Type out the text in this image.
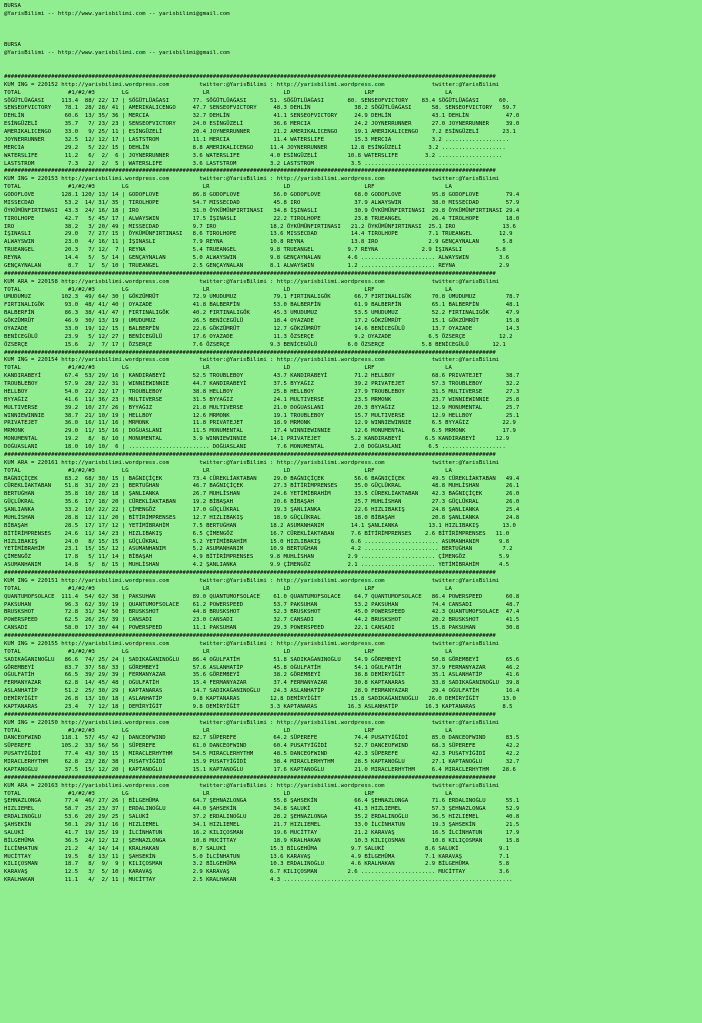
BURSA
@YarisBilimi -- http://www.yarisbilimi.com -- yarisbilimi@gmail.com

BURSA
@YarisBilimi -- http://www.yarisbilimi.com -- yarisbilimi@gmail.com

##################################################################################################################################################
KUM ING = 220152 http://yarisbilimi.wordpress.com         twitter:@YarisBilimi : http://yarisbilimi.wordpress.com              twitter:@YarisBilimi
TOTAL              #1/#2/#3        LG                      LR                      LD                      LRF                     LA
SÖĞÜTLÜAĞASI     113.4  88/ 22/ 17 | SÖĞÜTLÜAĞASI       77. SÖĞÜTLÜAĞASI       51. SÖĞÜTLÜAĞASI       80. SENSEOFVICTORY    83.4 SÖĞÜTLÜAĞASI      60.
SENSEOFVICTORY    78.1  28/ 28/ 41 | AMERIKALICENGO     47.7 SENSEOFVICTORY     48.3 DEHLİN             38.2 SÖĞÜTLÜAĞASI      58. SENSEOFVICTORY   59.7
DEHLİN            60.6  13/ 35/ 36 | MERCIA             32.7 DEHLİN             41.1 SENSEOFVICTORY     24.9 DEHLİN            43.1 DEHLİN           47.0
ESİNGÜZELİ        35.7   7/ 23/ 23 | SENSEOFVICTORY     24.0 ESİNGÜZELİ         36.6 MERCIA             24.2 JOYNERRUNNER      27.0 JOYNERRUNNER     39.0
AMERIKALICENGO    33.0   9/ 25/ 11 | ESİNGÜZELİ         20.4 JOYNERRUNNER       21.2 AMERIKALICENGO     19.1 AMERIKALICENGO    7.2 ESİNGÜZELİ       23.1
JOYNERRUNNER      32.5  12/ 12/ 17 | LASTSTROM          11.1 MERCIA             11.4 WATERSLIFE         15.3 MERCIA            3.2 ...................
MERCIA            29.2   5/ 22/ 15 | DEHLİN             8.8 AMERIKALICENGO     11.4 JOYNERRUNNER       12.8 ESİNGÜZELİ        3.2 ...................
WATERSLIFE        11.2   6/  2/  6 | JOYNERRUNNER       3.6 WATERSLIFE         4.0 ESİNGÜZELİ         10.8 WATERSLIFE        3.2 ...................
LASTSTROM          7.3   2/  2/  5 | WATERSLIFE         3.6 LASTSTROM          3.2 LASTSTROM           3.5 ...................................
##################################################################################################################################################
KUM ING = 220153 http://yarisbilimi.wordpress.com         twitter:@YarisBilimi : http://yarisbilimi.wordpress.com              twitter:@YarisBilimi
TOTAL              #1/#2/#3        LG                      LR                      LD                      LRF                     LA
GODOFLOVE        128.1 120/ 13/ 14 | GODOFLOVE          86.8 GODOFLOVE          56.0 GODOFLOVE          68.0 GODOFLOVE         95.8 GODOFLOVE        79.4
MISSECDAD         53.2  14/ 31/ 35 | TIROLHOPE          54.7 MISSECDAD          45.8 IRO                37.9 ALWAYSWIN         38.0 MISSECDAD        57.9
ÖYKÜMÜNFIRTINASI  43.3  24/ 16/ 18 | IRO                31.0 ÖYKÜMÜNFIRTINASI   34.8 İŞINASLI           30.9 ÖYKÜMÜNFIRTINASI  29.8 ÖYKÜMÜNFIRTINASI 29.4
TIROLHOPE         42.7   5/ 45/ 17 | ALWAYSWIN          17.5 İŞINASLI           22.2 TIROLHOPE          23.8 TRUEANGEL         26.4 TIROLHOPE        18.0
IRO               38.2   3/ 20/ 49 | MISSECDAD          9.7 IRO                18.2 ÖYKÜMÜNFIRTINASI   21.2 ÖYKÜMÜNFIRTINASI  25.1 IRO              13.6
İŞINASLI          29.0   7/ 27/ 15 | ÖYKÜMÜNFIRTINASI   8.6 TIROLHOPE          13.6 MISSECDAD          14.4 TIROLHOPE         7.1 TRUEANGEL        12.9
ALWAYSWIN         23.0   4/ 16/ 11 | İŞINASLI           7.9 REYNA              10.8 REYNA              13.8 IRO               2.9 GENÇAYNALAN       5.8
TRUEANGEL         20.3   7/ 12/  7 | REYNA              5.4 TRUEANGEL          9.8 TRUEANGEL          9.7 REYNA             2.9 İŞINASLI          5.8
REYNA             14.4   5/  5/ 14 | GENÇAYNALAN        5.0 ALWAYSWIN          9.8 GENÇAYNALAN        4.6 ...................... ALWAYSWIN         3.6
GENÇAYNALAN        8.7   1/  5/ 10 | TRUEANGEL          2.5 GENÇAYNALAN        8.1 ALWAYSWIN          1.2 ...................... REYNA             2.9
##################################################################################################################################################
KUM ARA = 220158 http://yarisbilimi.wordpress.com         twitter:@YarisBilimi : http://yarisbilimi.wordpress.com              twitter:@YarisBilimi
TOTAL              #1/#2/#3        LG                      LR                      LD                      LRF                     LA
UMUDUMUZ         102.3  49/ 64/ 30 | GÖKZÜMRÜT          72.9 UMUDUMUZ           79.1 FIRTINALIGÖK       66.7 FIRTINALIGÖK      70.8 UMUDUMUZ         78.7
FIRTINALIGÖK      93.0  48/ 41/ 40 | OYAZADE            41.8 BALBERFİN          53.0 BALBERFİN          61.9 BALBERFİN         65.1 BALBERFİN        48.1
BALBERFİN         86.3  38/ 41/ 47 | FIRTINALIGÖK       40.2 FIRTINALIGÖK       45.3 UMUDUMUZ           53.5 UMUDUMUZ          52.2 FIRTINALIGÖK     47.9
GÖKZÜMRÜT         46.9  30/ 13/ 19 | UMUDUMUZ           26.5 BENİCEGÜLÜ         18.4 OYAZADE            17.2 GÖKZÜMRÜT         15.1 GÖKZÜMRÜT        15.8
OYAZADE           33.0  19/ 12/ 15 | BALBERFİN          22.6 GÖKZÜMRÜT          12.7 GÖKZÜMRÜT          14.6 BENİCEGÜLÜ        13.7 OYAZADE          14.3
BENİCEGÜLÜ        23.9   5/ 12/ 27 | BENİCEGÜLÜ         17.6 OYAZADE            11.3 ÖZSERÇE            9.2 OYAZADE           6.5 ÖZSERÇE          12.2
ÖZSERÇE           15.6   2/  7/ 17 | ÖZSERÇE            7.6 ÖZSERÇE            9.3 BENİCEGÜLÜ         6.0 ÖZSERÇE           5.8 BENİCEGÜLÜ       12.1
##################################################################################################################################################
KUM ING = 220154 http://yarisbilimi.wordpress.com         twitter:@YarisBilimi : http://yarisbilimi.wordpress.com              twitter:@YarisBilimi
TOTAL              #1/#2/#3        LG                      LR                      LD                      LRF                     LA
KANDIRABEYİ       67.4  53/ 29/ 16 | KANDIRABEYİ        52.5 TROUBLEBOY         43.7 KANDIRABEYİ        71.2 HELLBOY           68.6 PRIVATEJET       38.7
TROUBLEBOY        57.9  28/ 22/ 31 | WINNIEWINNIE       44.7 KANDIRABEYİ        37.5 BYYAĞIZ            39.2 PRIVATEJET        57.3 TROUBLEBOY       32.2
HELLBOY           54.0  22/ 22/ 17 | TROUBLEBOY         38.8 HELLBOY            25.8 HELLBOY            27.9 TROUBLEBOY        31.5 MULTIVERSE       27.3
BYYAĞIZ           41.6  11/ 36/ 23 | MULTIVERSE         31.5 BYYAĞIZ            24.1 MULTIVERSE         23.5 MRMONK            23.7 WINNIEWINNIE     25.8
MULTIVERSE        39.2  10/ 27/ 26 | BYYAĞIZ            21.8 MULTIVERSE         21.0 DOĞUASLANI         20.3 BYYAĞIZ           12.9 MONUMENTAL       25.7
WINNIEWINNIE      38.7  21/ 10/ 19 | HELLBOY            12.6 MRMONK             19.1 TROUBLEBOY         15.7 MULTIVERSE        12.9 HELLBOY          25.1
PRIVATEJET        36.0  16/ 11/ 16 | MRMONK             11.8 PRIVATEJET         18.9 MRMONK             12.9 WINNIEWINNIE      6.5 BYYAĞIZ          22.9
MRMONK            29.0  11/ 15/ 16 | DOĞUASLANI         11.5 MONUMENTAL         17.4 WINNIEWINNIE       12.6 MONUMENTAL        6.5 MRMONK           17.9
MONUMENTAL        19.2   8/  8/ 10 | MONUMENTAL         3.9 WINNIEWINNIE       14.1 PRIVATEJET         5.2 KANDIRABEYİ       6.5 KANDIRABEYİ      12.9
DOĞUASLANI        18.0  10/ 10/  6 | ........................ DOĞUASLANI         7.6 MONUMENTAL         2.0 DOĞUASLANI        6.5 ...................
##################################################################################################################################################
KUM ARA = 220161 http://yarisbilimi.wordpress.com         twitter:@YarisBilimi : http://yarisbilimi.wordpress.com              twitter:@YarisBilimi
TOTAL              #1/#2/#3        LG                      LR                      LD                      LRF                     LA
BAĞNIÇİÇEK        83.2  68/ 30/ 15 | BAĞNIÇİÇEK         73.4 CÜREKLİAKTABAN     29.0 BAĞNIÇİÇEK         56.6 BAĞNIÇİÇEK        49.5 CÜREKLİAKTABAN   49.4
CÜREKLİAKTABAN    51.8  31/ 20/ 23 | BERTUĞHAN          46.7 BAĞNIÇİÇEK         27.3 BİTİRİMPRENSES     35.0 GÜÇLÜKRAL         48.8 MUHLİSHAN        26.1
BERTUĞHAN         35.8  10/ 28/ 18 | ŞANLIANKA          26.7 MUHLİSHAN          24.6 YETİMİBRAHİM       33.5 CÜREKLİAKTABAN    42.3 BAĞNIÇİÇEK       26.0
GÜÇLÜKRAL         35.6  17/ 18/ 20 | CÜREKLİAKTABAN     19.2 BİBAŞAH            20.6 BİBAŞAH            25.7 MUHLİSHAN         27.3 GÜÇLÜKRAL        26.0
ŞANLIANKA         33.2  10/ 22/ 22 | ÇİMENGÖZ           17.0 GÜÇLÜKRAL          19.3 ŞANLIANKA          22.6 HIZLIBAKIŞ        24.8 ŞANLIANKA        25.4
MUHLİSHAN         28.8  12/ 11/ 20 | BİTİRİMPRENSES     12.7 HIZLIBAKIŞ         18.9 GÜÇLÜKRAL          18.0 BİBAŞAH           20.8 ŞANLIANKA        24.8
BİBAŞAH           28.5  17/ 17/ 12 | YETİMİBRAHİM       7.5 BERTUĞHAN          18.2 ASUMANHANIM        14.1 ŞANLIANKA         13.1 HIZLIBAKIŞ       13.0
BİTİRİMPRENSES    24.6  11/ 14/ 23 | HIZLIBAKIŞ         6.5 ÇİMENGÖZ           16.7 CÜREKLİAKTABAN     7.6 BİTİRİMPRENSES    2.6 BİTİRİMPRENSES   11.0
HIZLIBAKIŞ        24.0   8/ 15/ 15 | GÜÇLÜKRAL          5.2 YETİMİBRAHİM       15.0 HIZLIBAKIŞ         6.6 ...................... ASUMANHANIM      9.8
YETİMİBRAHİM      23.1  15/ 15/ 12 | ASUMANHANIM        5.2 ASUMANHANIM        10.9 BERTUĞHAN          4.2 ...................... BERTUĞHAN         7.2
ÇİMENGÖZ          17.8   5/ 11/ 14 | BİBAŞAH            4.9 BİTİRİMPRENSES     9.8 MUHLİSHAN          2.9 ...................... ÇİMENGÖZ          5.9
ASUMANHANIM       14.8   5/  8/ 15 | MUHLİSHAN          4.2 ŞANLIANKA          9.9 ÇİMENGÖZ           2.1 ...................... YETİMİBRAHİM      4.5
##################################################################################################################################################
KUM ING = 220151 http://yarisbilimi.wordpress.com         twitter:@YarisBilimi : http://yarisbilimi.wordpress.com              twitter:@YarisBilimi
TOTAL              #1/#2/#3        LG                      LR                      LD                      LRF                     LA
QUANTUMOFSOLACE  111.4  54/ 62/ 38 | PAKSUHAN           89.0 QUANTUMOFSOLACE    61.0 QUANTUMOFSOLACE    64.7 QUANTUMOFSOLACE   86.4 POWERSPEED       60.8
PAKSUHAN          96.3  62/ 39/ 19 | QUANTUMOFSOLACE    61.2 POWERSPEED         53.7 PAKSUHAN           53.2 PAKSUHAN          74.4 CANSADI          48.7
BRUSKSHOT         72.8  31/ 34/ 50 | BRUSKSHOT          44.8 BRUSKSHOT          52.3 BRUSKSHOT          45.0 POWERSPEED        42.3 QUANTUMOFSOLACE  47.4
POWERSPEED        62.5  26/ 25/ 39 | CANSADI            23.0 CANSADI            32.7 CANSADI            44.2 BRUSKSHOT         20.2 BRUSKSHOT        41.5
CANSADI           58.0  17/ 30/ 44 | POWERSPEED         11.1 PAKSUHAN           29.3 POWERSPEED         22.1 CANSADI           15.8 PAKSUHAN         30.8
##################################################################################################################################################
KUM ING = 220155 http://yarisbilimi.wordpress.com         twitter:@YarisBilimi : http://yarisbilimi.wordpress.com              twitter:@YarisBilimi
TOTAL              #1/#2/#3        LG                      LR                      LD                      LRF                     LA
SADIKAĞANINOĞLU   86.6  74/ 25/ 24 | SADIKAĞANINOĞLU    86.4 OĞULFATİH          51.8 SADIKAĞANINOĞLU    54.9 GÖREMBEYİ         50.8 GÖREMBEYİ        65.6
GÖREMBEYİ         83.7  37/ 58/ 33 | GÖREMBEYİ          57.6 ASLANHATİP         45.8 OĞULFATİH          54.1 OĞULFATİH         37.9 FERMANYAZAR      46.2
OĞULFATİH         66.5  39/ 29/ 39 | FERMANYAZAR        35.6 GÖREMBEYİ          38.2 GÖREMBEYİ          38.8 DEMİRYİĞİT        35.1 ASLANHATİP       41.6
FERMANYAZAR       62.8  14/ 45/ 48 | OĞULFATİH          15.4 FERMANYAZAR        37.4 FERMANYAZAR        30.8 KAPTANARAS        33.8 SADIKAĞANINOĞLU  39.8
ASLANHATİP        51.2  25/ 30/ 29 | KAPTANARAS         14.7 SADIKAĞANINOĞLU    24.3 ASLANHATİP         28.9 FERMANYAZAR       29.4 OĞULFATİH        16.4
DEMİRYİĞİT        26.8  13/ 10/ 18 | ASLANHATİP         9.8 KAPTANARAS         12.8 DEMİRYİĞİT         15.8 SADIKAĞANINOĞLU   26.0 DEMİRYİĞİT       13.0
KAPTANARAS        23.4   7/ 12/ 18 | DEMİRYİĞİT         9.8 DEMİRYİĞİT         3.3 KAPTANARAS         16.3 ASLANHATİP        16.3 KAPTANARAS        8.5
##################################################################################################################################################
KUM ING = 220150 http://yarisbilimi.wordpress.com         twitter:@YarisBilimi : http://yarisbilimi.wordpress.com              twitter:@YarisBilimi
TOTAL              #1/#2/#3        LG                      LR                      LD                      LRF                     LA
DANCEOFWIND      118.1  57/ 45/ 42 | DANCEOFWIND        82.7 SÜPEREFE           64.2 SÜPEREFE           74.4 PUSATYİĞİDİ       85.0 DANCEOFWIND      83.5
SÜPEREFE         105.2  33/ 56/ 56 | SÜPEREFE           61.0 DANCEOFWIND        60.4 PUSATYİĞİDİ        52.7 DANCEOFWIND       68.3 SÜPEREFE         42.2
PUSATYİĞİDİ       77.4  43/ 30/ 15 | MIRACLERHYTHM      54.5 MIRACLERHYTHM      48.5 DANCEOFWIND        42.3 SÜPEREFE          42.3 PUSATYİĞİDİ      42.2
MIRACLERHYTHM     62.8  23/ 28/ 38 | PUSATYİĞİDİ        15.9 PUSATYİĞİDİ        38.4 MIRACLERHYTHM      28.5 KAPTANOĞLU        27.1 KAPTANOĞLU       32.7
KAPTANOĞLU        37.5  15/ 12/ 20 | KAPTANOĞLU         15.1 KAPTANOĞLU         17.6 KAPTANOĞLU         21.0 MIRACLERHYTHM     6.4 MIRACLERHYTHM    28.6
##################################################################################################################################################
KUM ARA = 220163 http://yarisbilimi.wordpress.com         twitter:@YarisBilimi : http://yarisbilimi.wordpress.com              twitter:@YarisBilimi
TOTAL              #1/#2/#3        LG                      LR                      LD                      LRF                     LA
ŞEHNAZLONGA       77.4  46/ 27/ 26 | BİLGEHÜMA          64.7 ŞEHNAZLONGA        55.8 ŞAHSEKİN           66.4 ŞEHNAZLONGA       71.6 ERDALINOĞLU      55.1
HIZLIEMEL         58.7  25/ 23/ 37 | ERDALINOĞLU        44.0 ŞAHSEKİN           34.8 SALUKİ             41.3 HIZLIEMEL         57.3 ŞEHNAZLONGA      52.9
ERDALINOĞLU       53.6  20/ 29/ 25 | SALUKİ             37.2 ERDALINOĞLU        28.2 ŞEHNAZLONGA        35.2 ERDALINOĞLU       36.5 HIZLIEMEL        40.8
ŞAHSEKİN          50.1  29/ 31/ 16 | HIZLIEMEL          34.1 HIZLIEMEL          21.7 HIZLIEMEL          33.0 İLCİNHATUN        19.3 ŞAHSEKİN         21.5
SALUKİ            41.7  19/ 25/ 19 | İLCİNHATUN         16.2 KILIÇOSMAN         19.6 MUCİTTAY           21.2 KARAVAŞ           16.5 İLCİNHATUN       17.9
BİLGEHÜMA         36.5  24/ 12/ 12 | ŞEHNAZLONGA        10.8 MUCİTTAY           18.9 KRALHAKAN          10.3 KILIÇOSMAN        10.8 KILIÇOSMAN       15.8
İLCİNHATUN        21.2   4/ 14/ 14 | KRALHAKAN          8.7 SALUKİ             15.3 BİLGEHÜMA          9.7 SALUKİ            8.6 SALUKİ            9.1
MUCİTTAY          19.5   8/ 13/ 11 | ŞAHSEKİN           5.0 İLCİNHATUN         13.6 KARAVAŞ            4.9 BİLGEHÜMA         7.1 KARAVAŞ           7.1
KILIÇOSMAN        18.7   8/  9/  9 | KILIÇOSMAN         3.2 BİLGEHÜMA          10.3 ERDALINOĞLU        4.6 KRALHAKAN         2.9 BİLGEHÜMA         5.8
KARAVAŞ           12.5   3/  5/ 10 | KARAVAŞ            2.9 KARAVAŞ            6.7 KILIÇOSMAN         2.6 ...................... MUCİTTAY          3.6
KRALHAKAN         11.1   4/  2/ 11 | MUCİTTAY           2.5 KRALHAKAN          4.3 ....................................................................
